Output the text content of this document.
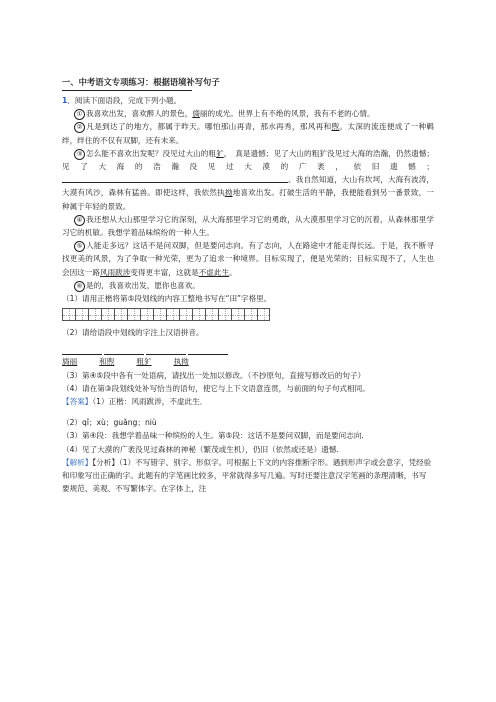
一、中考语文专项练习：根据语境补写句子

1．阅读下面语段，完成下列小题。

① 我喜欢出发，喜欢醉人的景色，旖丽的成光。世界上有不绝的风景，我有不老的心情。

② 凡是到达了的地方，都属于昨天。哪怕那山再青，那水再秀，那风再和煦。太深的流连便成了一种羁绊，绊住的不仅有双脚，还有未来。

③ 怎么能不喜欢出发呢？没见过大山的粗犷，　真是遗憾；见了大山的粗犷没见过大海的浩瀚，仍然遗憾；见了大海的浩瀚没见过大漠的广袤，依旧遗憾；。我自然知道，大山有坎坷，大海有波涛，大漠有风沙，森林有猛兽。即使这样，我依然执拗地喜欢出发。打破生活的平静，我便能看到另一番景致，一种属于年轻的景致。

④ 我还想从大山那里学习它的深刻，从大海那里学习它的勇敢，从大漠那里学习它的沉着，从森林那里学习它的机敏。我想学着品味缤纷的一种人生。

⑤ 人能走多远？这话不是问双脚，但是要问志向。有了志向，人在路途中才能走得长远。于是，我不断寻找更美的风景，为了争取一种光荣，更为了追求一种境界。目标实现了，便是光荣的；目标实现不了，人生也会因这一路风雨跋涉变得更丰富，这就是不虚此生。

⑥ 是的，我喜欢出发，愿你也喜欢。

（1）请用正楷将第⑤段划线的内容工整地书写在“田”字格里。

（2）请给语段中划线的字注上汉语拼音。

旖丽	和煦	粗犷	执拗

（3）第④⑤段中各有一处语病，请找出一处加以修改。（不抄原句，直接写修改后的句子）

（4）请在第③段划线处补写恰当的语句，使它与上下文语意连贯，与前面的句子句式相同。

【答案】（1）正楷：风雨跋涉，不虚此生．

（2）qǐ；xù；guǎng；niù

（3）第④段：我想学着品味一种缤纷的人生。第⑤段：这话不是要问双脚，而是要问志向.

（4）见了大漠的广袤没见过森林的神秘（繁茂或生机），仍旧（依然或还是）遗憾.

【解析】【分析】（1）不写错字、别字、形似字。可根据上下文的内容推断字形。遇到形声字或会意字，凭经验和印象写出正确的字。此题有的字笔画比较多，平常就得多写几遍。写时还要注意汉字笔画的条理清晰，书写要规范、美观、不写繁体字。在字体上，注
